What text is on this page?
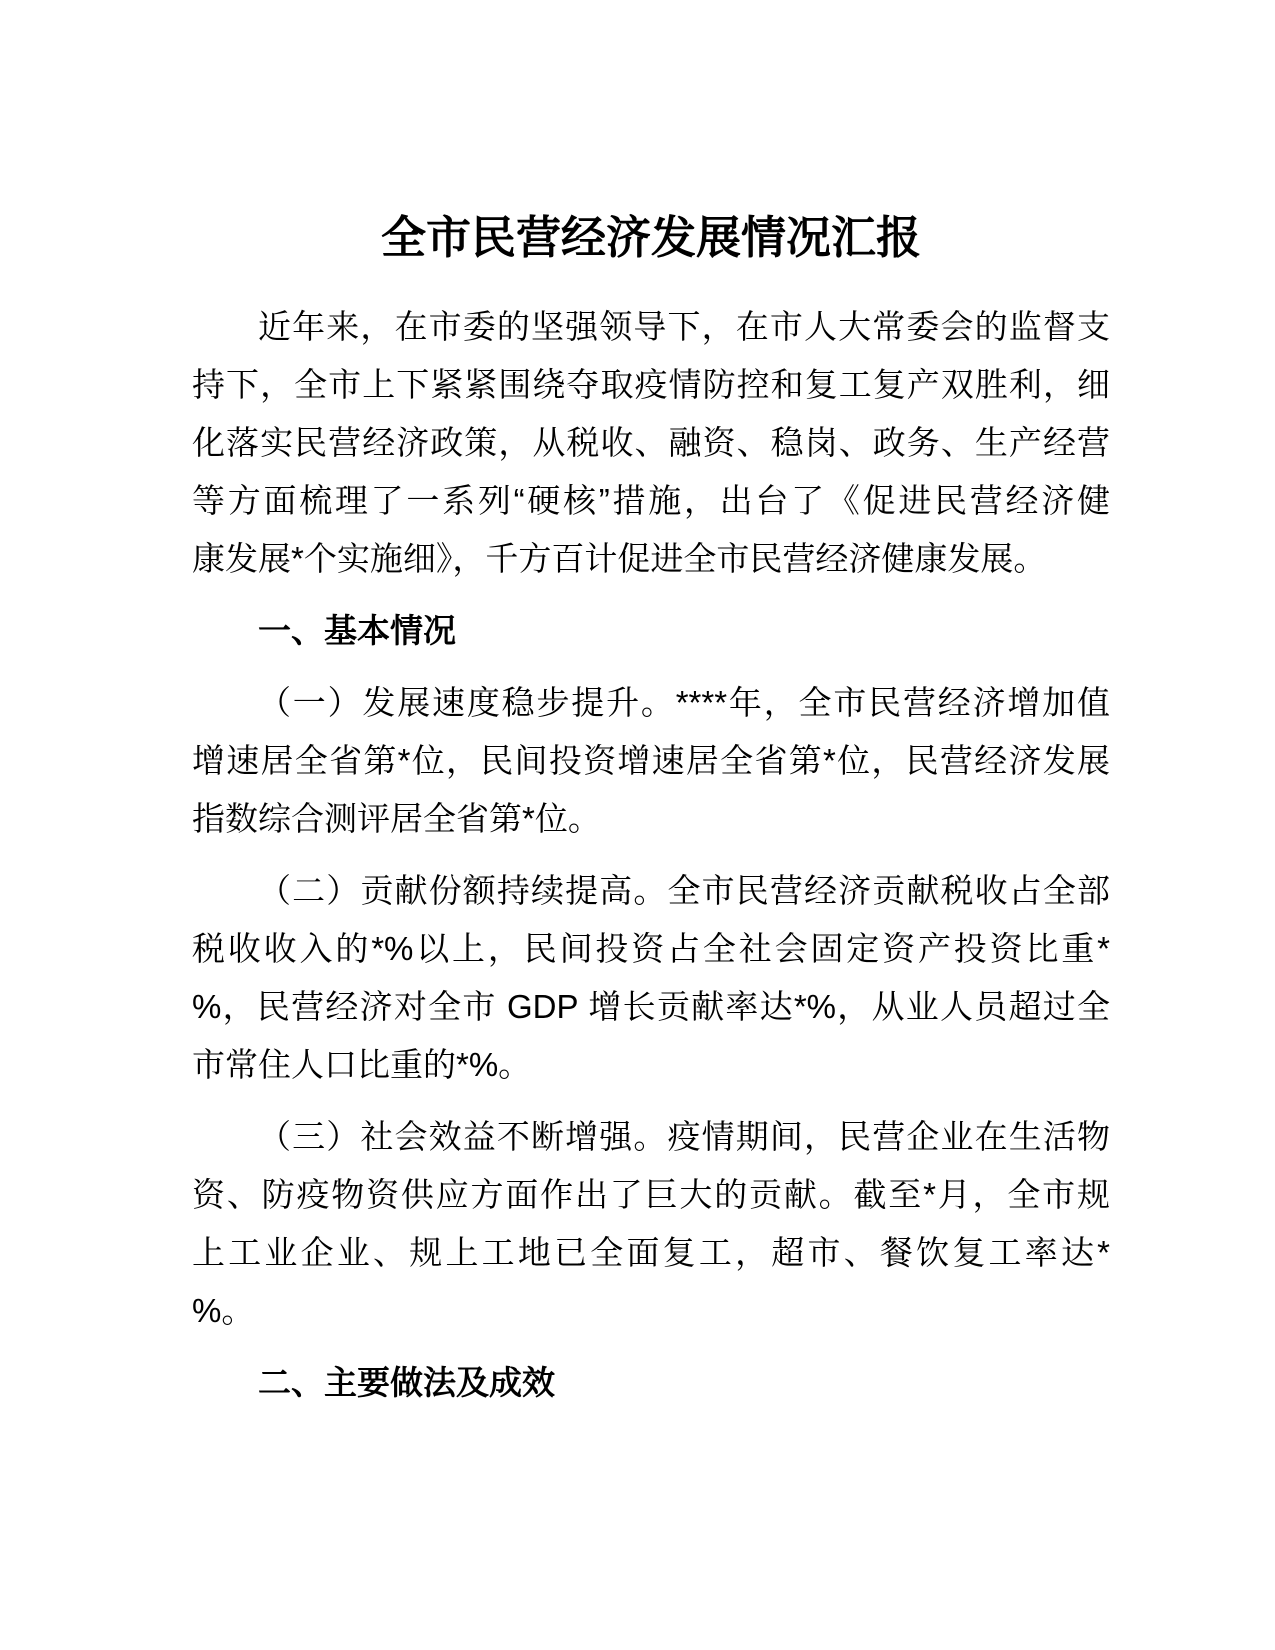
全市民营经济发展情况汇报
近年来，在市委的坚强领导下，在市人大常委会的监督支
持下，全市上下紧紧围绕夺取疫情防控和复工复产双胜利，细
化落实民营经济政策，从税收、融资、稳岗、政务、生产经营
等方面梳理了一系列“硬核”措施，出台了《促进民营经济健
康发展*个实施细》，千方百计促进全市民营经济健康发展。
一、基本情况
（一）发展速度稳步提升。****年，全市民营经济增加值
增速居全省第*位，民间投资增速居全省第*位，民营经济发展
指数综合测评居全省第*位。
（二）贡献份额持续提高。全市民营经济贡献税收占全部
税收收入的*%以上，民间投资占全社会固定资产投资比重*
%，民营经济对全市 GDP 增长贡献率达*%，从业人员超过全
市常住人口比重的*%。
（三）社会效益不断增强。疫情期间，民营企业在生活物
资、防疫物资供应方面作出了巨大的贡献。截至*月，全市规
上工业企业、规上工地已全面复工，超市、餐饮复工率达*
%。
二、主要做法及成效
